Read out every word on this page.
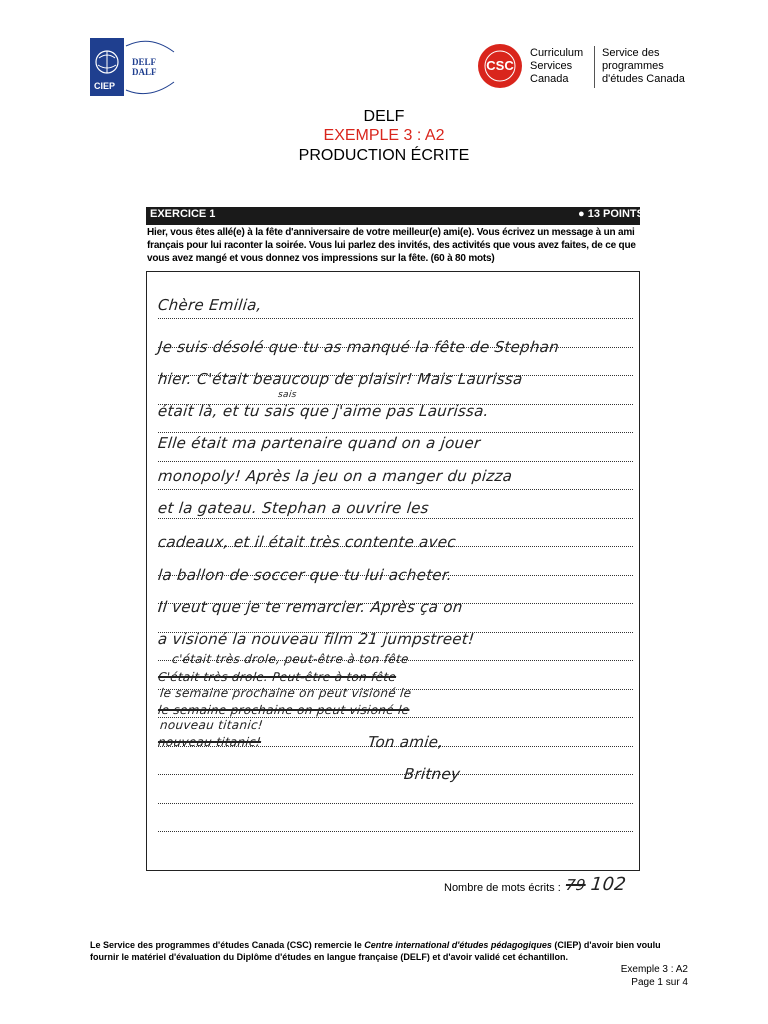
DELF DALF
CIEP
CSC
Curriculum Services Canada
Service des programmes d'études Canada
DELF
EXEMPLE 3 : A2
PRODUCTION ÉCRITE
EXERCICE 1	● 13 POINTS
Hier, vous êtes allé(e) à la fête d'anniversaire de votre meilleur(e) ami(e). Vous écrivez un message à un ami français pour lui raconter la soirée. Vous lui parlez des invités, des activités que vous avez faites, de ce que vous avez mangé et vous donnez vos impressions sur la fête. (60 à 80 mots)
Chère Emilia,
Je suis désolé que tu as manqué la fête de Stephan
hier. C'était beaucoup de plaisir! Mais Laurissa
était là, et tu sais que j'aime pas Laurissa.
Elle était ma partenaire quand on a jouer
monopoly! Après la jeu on a manger du pizza
et la gateau. Stephan a ouvrire les
cadeaux, et il était très contente avec
la ballon de soccer que tu lui acheter.
Il veut que je te remarcier. Après ça on
a visioné la nouveau film 21 jumpstreet!
C'était très drole. Peut-être à ton fête
le semaine prochaine on peut visioné le
nouveau titanic!
c'était très drole, peut-être à ton fête
le semaine prochaine on peut visioné le
nouveau titanic!
Ton amie,
Britney
sais
Nombre de mots écrits : 79 102
Le Service des programmes d'études Canada (CSC) remercie le Centre international d'études pédagogiques (CIEP) d'avoir bien voulu fournir le matériel d'évaluation du Diplôme d'études en langue française (DELF) et d'avoir validé cet échantillon.
Exemple 3 : A2
Page 1 sur 4
